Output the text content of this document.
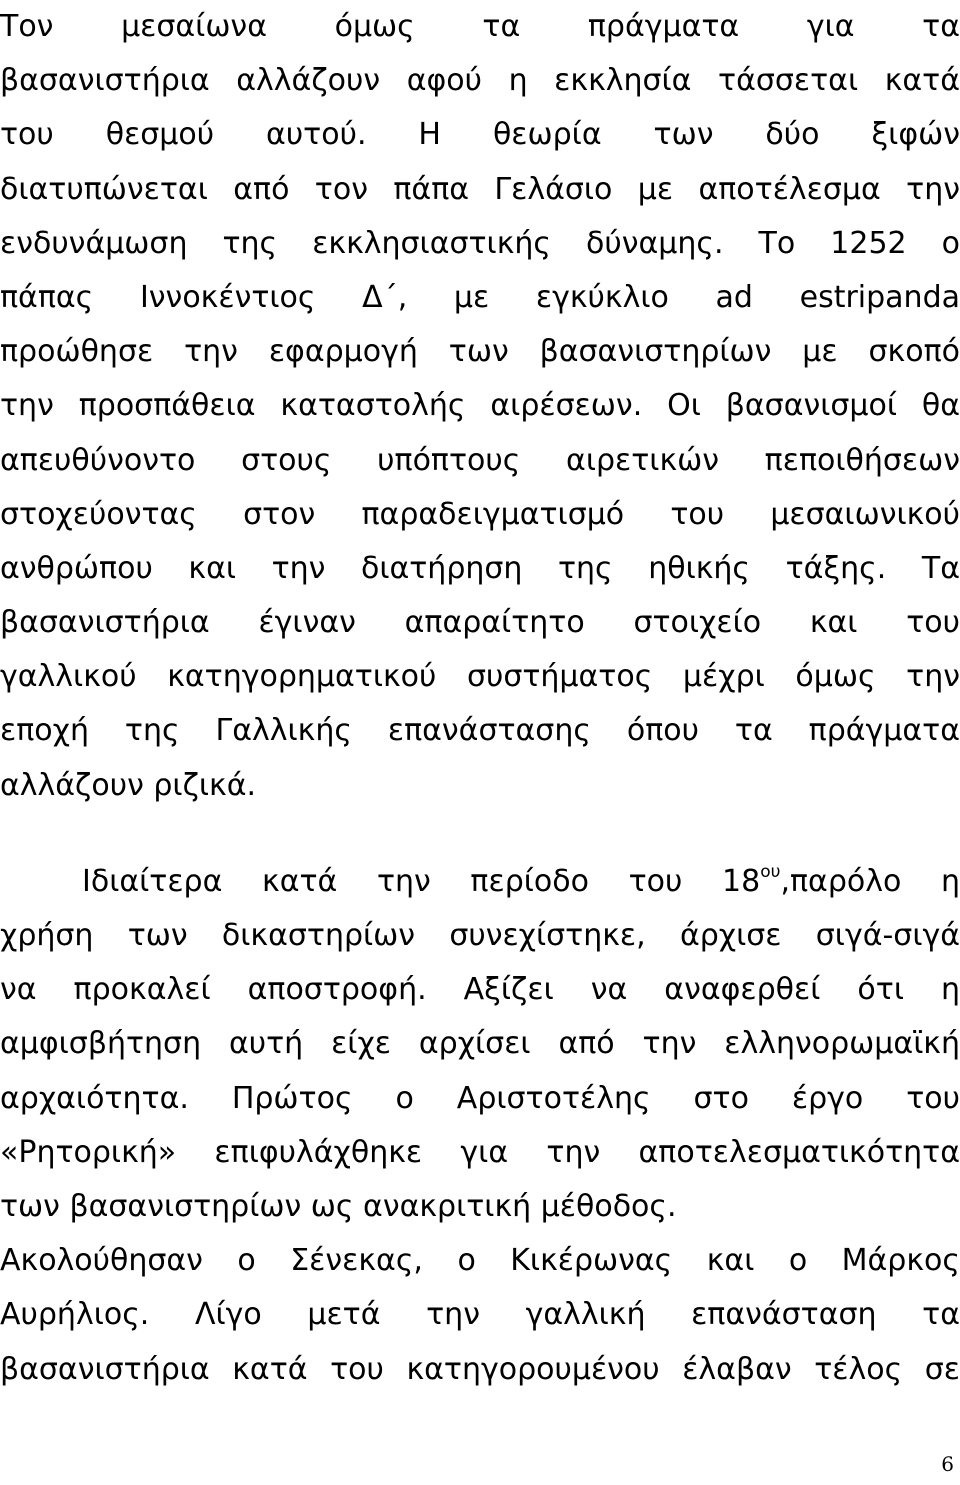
Τον μεσαίωνα όμως τα πράγματα για τα
βασανιστήρια αλλάζουν αφού η εκκλησία τάσσεται κατά
του θεσμού αυτού. Η θεωρία των δύο ξιφών
διατυπώνεται από τον πάπα Γελάσιο με αποτέλεσμα την
ενδυνάμωση της εκκλησιαστικής δύναμης. Το 1252 ο
πάπας Ιννοκέντιος Δ΄, με εγκύκλιο ad estripanda
προώθησε την εφαρμογή των βασανιστηρίων με σκοπό
την προσπάθεια καταστολής αιρέσεων. Οι βασανισμοί θα
απευθύνοντο στους υπόπτους αιρετικών πεποιθήσεων
στοχεύοντας στον παραδειγματισμό του μεσαιωνικού
ανθρώπου και την διατήρηση της ηθικής τάξης. Τα
βασανιστήρια έγιναν απαραίτητο στοιχείο και του
γαλλικού κατηγορηματικού συστήματος μέχρι όμως την
εποχή της Γαλλικής επανάστασης όπου τα πράγματα
αλλάζουν ριζικά.
Ιδιαίτερα κατά την περίοδο του $18^{o\upsilon},\pi\alpha\rho ό\lambda o$ η
χρήση των δικαστηρίων συνεχίστηκε, άρχισε σιγά-σιγά
να προκαλεί αποστροφή. Αξίζει να αναφερθεί ότι η
αμφισβήτηση αυτή είχε αρχίσει από την ελληνορωμαϊκή
αρχαιότητα. Πρώτος ο Αριστοτέλης στο έργο του
«Ρητορική» επιφυλάχθηκε για την αποτελεσματικότητα
των βασανιστηρίων ως ανακριτική μέθοδος.
Ακολούθησαν ο Σένεκας, ο Κικέρωνας και ο Μάρκος
Αυρήλιος. Λίγο μετά την γαλλική επανάσταση τα
βασανιστήρια κατά του κατηγορουμένου έλαβαν τέλος σε
6
